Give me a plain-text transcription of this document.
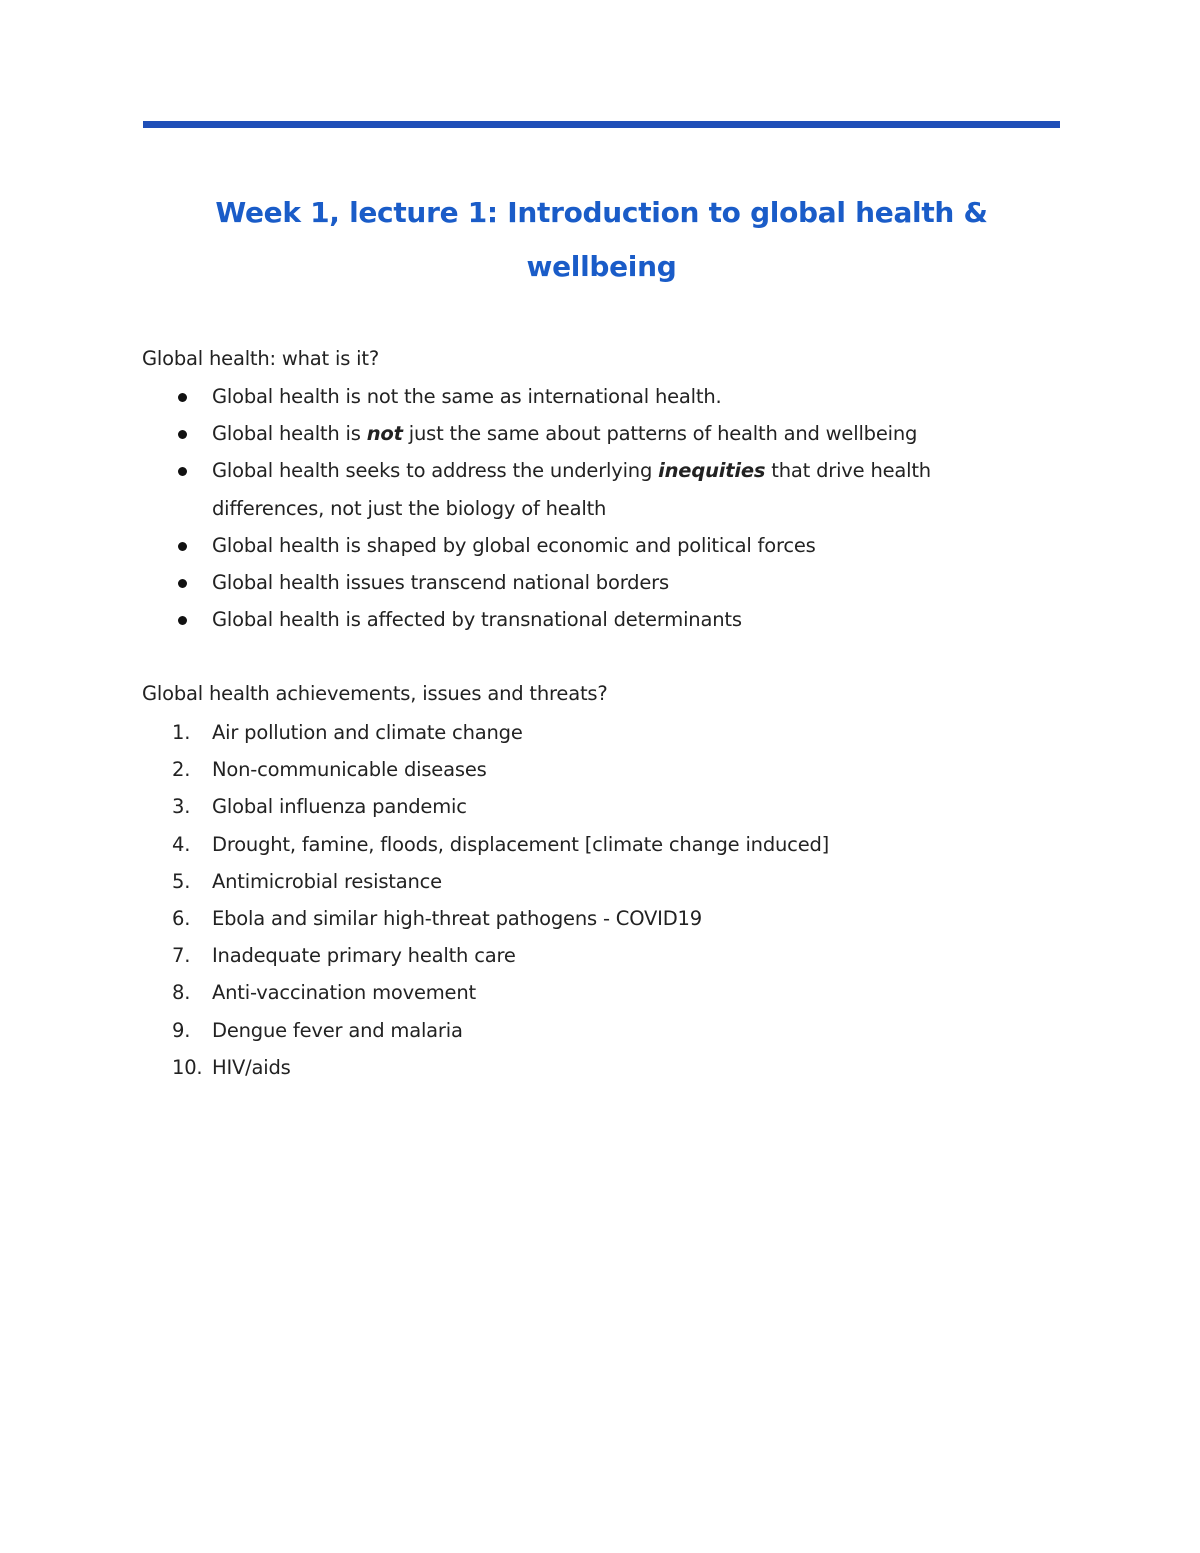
Week 1, lecture 1: Introduction to global health &
wellbeing
Global health: what is it?
Global health is not the same as international health.
Global health is not just the same about patterns of health and wellbeing
Global health seeks to address the underlying inequities that drive health
differences, not just the biology of health
Global health is shaped by global economic and political forces
Global health issues transcend national borders
Global health is affected by transnational determinants
Global health achievements, issues and threats?
1. Air pollution and climate change
2. Non-communicable diseases
3. Global influenza pandemic
4. Drought, famine, floods, displacement [climate change induced]
5. Antimicrobial resistance
6. Ebola and similar high-threat pathogens - COVID19
7. Inadequate primary health care
8. Anti-vaccination movement
9. Dengue fever and malaria
10. HIV/aids
